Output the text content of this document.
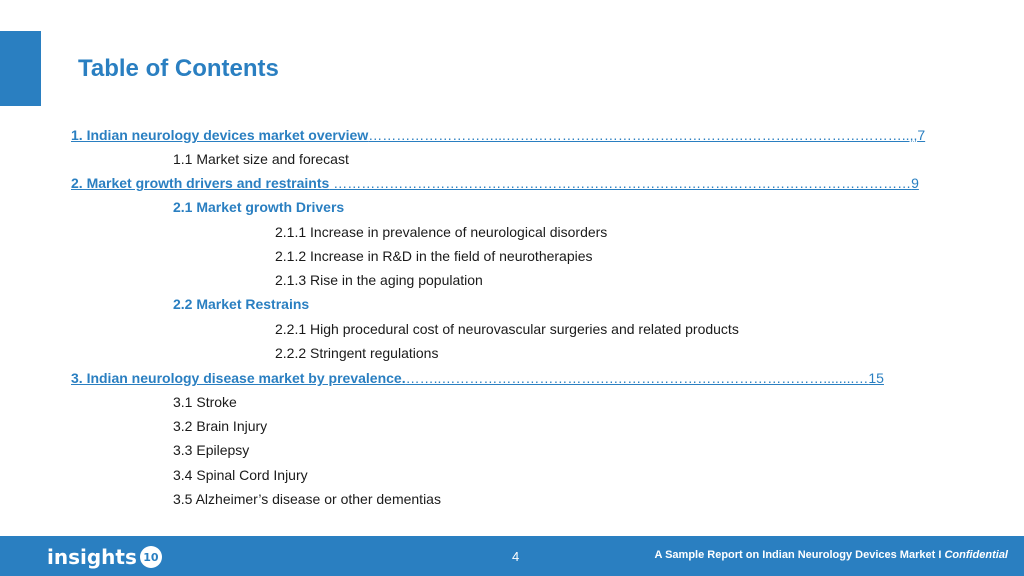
Table of Contents
1. Indian neurology devices market overview………………………...…………………………………………….……………………………..,,7
1.1 Market size and forecast
2. Market growth drivers and restraints ………………………………………………………………….…………………………………………9
2.1 Market growth Drivers
2.1.1 Increase in prevalence of neurological disorders
2.1.2 Increase in R&D in the field of neurotherapies
2.1.3 Rise in the aging population
2.2 Market Restrains
2.2.1 High procedural cost of neurovascular surgeries and related products
2.2.2 Stringent regulations
3. Indian neurology disease market by prevalence.……..……………………………….………………………………………........…15
3.1 Stroke
3.2 Brain Injury
3.3 Epilepsy
3.4 Spinal Cord Injury
3.5 Alzheimer’s disease or other dementias
insights 10	4	A Sample Report on Indian Neurology Devices Market I Confidential
